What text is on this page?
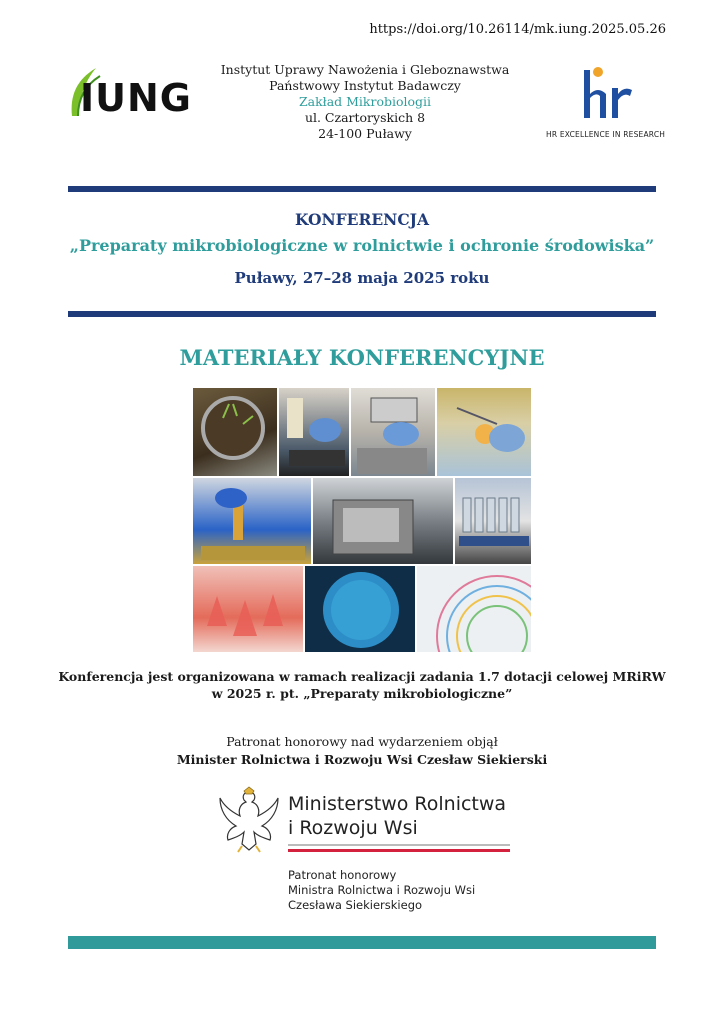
https://doi.org/10.26114/mk.iung.2025.05.26
IUNG
Instytut Uprawy Nawożenia i Gleboznawstwa
Państwowy Instytut Badawczy
Zakład Mikrobiologii
ul. Czartoryskich 8
24-100 Puławy	HR EXCELLENCE IN RESEARCH
KONFERENCJA
„Preparaty mikrobiologiczne w rolnictwie i ochronie środowiska”
Puławy, 27–28 maja 2025 roku
MATERIAŁY KONFERENCYJNE
Konferencja jest organizowana w ramach realizacji zadania 1.7 dotacji celowej MRiRW
w 2025 r. pt. „Preparaty mikrobiologiczne”
Patronat honorowy nad wydarzeniem objął
Minister Rolnictwa i Rozwoju Wsi Czesław Siekierski
Ministerstwo Rolnictwa
i Rozwoju Wsi
Patronat honorowy
Ministra Rolnictwa i Rozwoju Wsi
Czesława Siekierskiego
